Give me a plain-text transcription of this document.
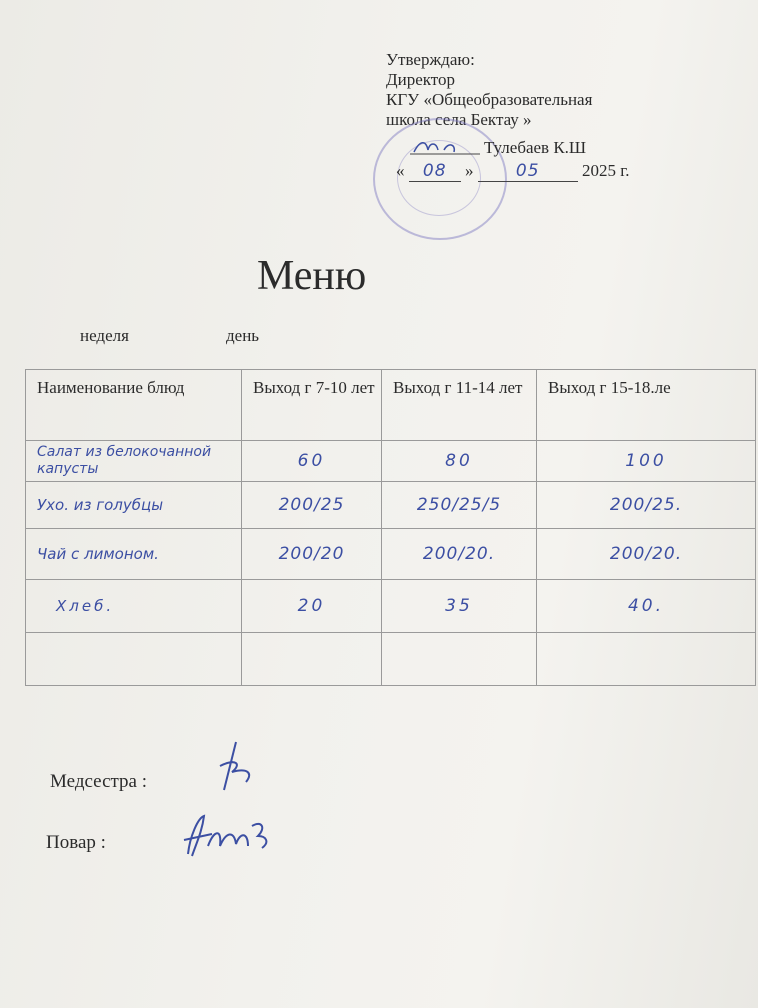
Утверждаю:
Директор
КГУ «Общеобразовательная
школа села Бектау »
Тулебаев К.Ш
« 08 » 05 2025 г.
Меню
неделя	день
Наименование блюд	Выход г 7-10 лет	Выход г 11-14 лет	Выход г 15-18.ле
Салат из белокочанной капусты	60	80	100
Ухо. из голубцы	200/25	250/25/5	200/25.
Чай с лимоном.	200/20	200/20.	200/20.
Хлеб.	20	35	40.

Медсестра :
Повар :
